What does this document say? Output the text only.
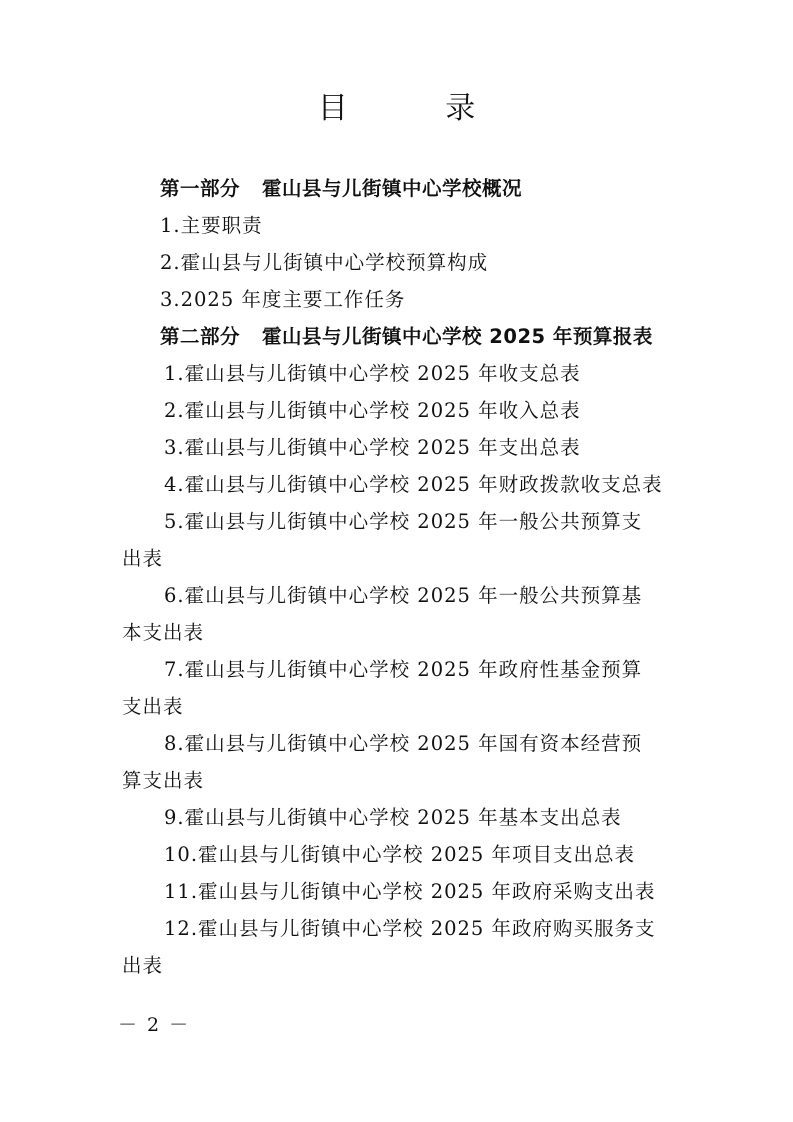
目 录
第一部分 霍山县与儿街镇中心学校概况
1.主要职责
2.霍山县与儿街镇中心学校预算构成
3.2025 年度主要工作任务
第二部分 霍山县与儿街镇中心学校 2025 年预算报表
1.霍山县与儿街镇中心学校 2025 年收支总表
2.霍山县与儿街镇中心学校 2025 年收入总表
3.霍山县与儿街镇中心学校 2025 年支出总表
4.霍山县与儿街镇中心学校 2025 年财政拨款收支总表
5.霍山县与儿街镇中心学校 2025 年一般公共预算支出表
6.霍山县与儿街镇中心学校 2025 年一般公共预算基本支出表
7.霍山县与儿街镇中心学校 2025 年政府性基金预算支出表
8.霍山县与儿街镇中心学校 2025 年国有资本经营预算支出表
9.霍山县与儿街镇中心学校 2025 年基本支出总表
10.霍山县与儿街镇中心学校 2025 年项目支出总表
11.霍山县与儿街镇中心学校 2025 年政府采购支出表
12.霍山县与儿街镇中心学校 2025 年政府购买服务支出表
－ 2 －
